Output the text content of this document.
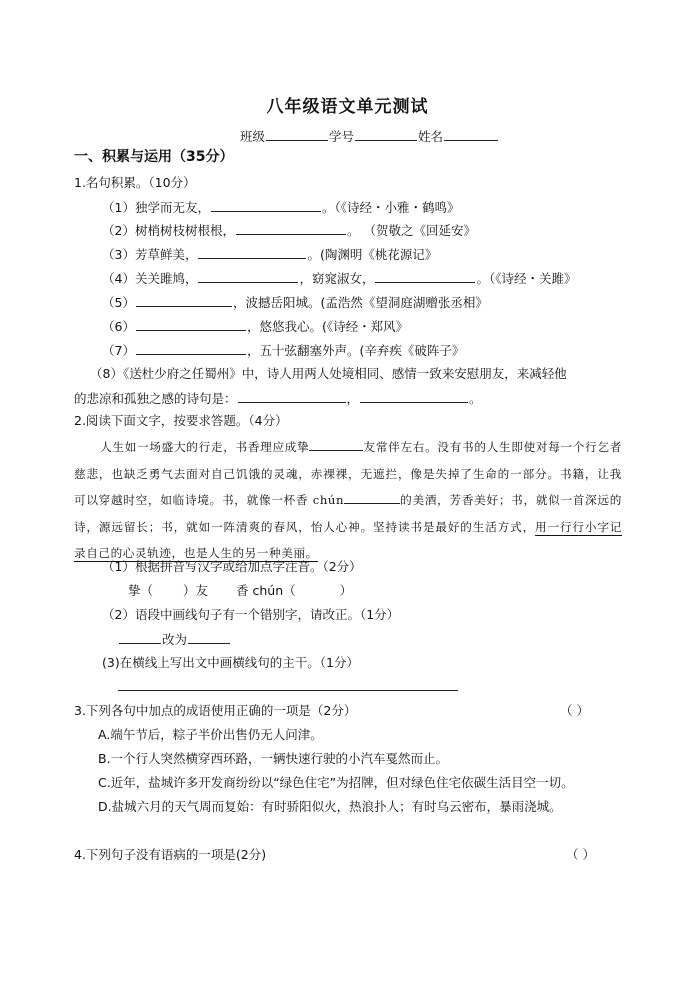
八年级语文单元测试
班级	学号	姓名
一、积累与运用（35分）
1.名句积累。（10分）
（1）独学而无友，	。（《诗经・小雅・鹤鸣》
（2）树梢树枝树根根，	。 （贺敬之《回延安》
（3）芳草鲜美，	。(陶渊明《桃花源记》
（4）关关雎鸠，	，窈窕淑女，	。（《诗经・关雎》
（5）	，波撼岳阳城。(孟浩然《望洞庭湖赠张丞相》
（6）	，悠悠我心。(《诗经・郑风》
（7）	，五十弦翻塞外声。(辛弃疾《破阵子》
（8）《送杜少府之任蜀州》中，诗人用两人处境相同、感情一致来安慰朋友，来减轻他
的悲凉和孤独之感的诗句是：	，	。
2.阅读下面文字，按要求答题。（4分）
人生如一场盛大的行走，书香理应成挚	友常伴左右。没有书的人生即使对每一个行乞者慈悲，也缺乏勇气去面对自己饥饿的灵魂，赤裸裸，无遮拦，像是失掉了生命的一部分。书籍，让我可以穿越时空，如临诗境。书，就像一杯香 chún	的美酒，芳香美好；书，就似一首深远的诗，源远留长；书，就如一阵清爽的春风，怡人心神。坚持读书是最好的生活方式，用一行行小字记录自己的心灵轨迹，也是人生的另一种美丽。
（1）根据拼音写汉字或给加点字注音。（2分）
挚（ ）友 香 chún（	）
（2）语段中画线句子有一个错别字，请改正。（1分）
改为
(3)在横线上写出文中画横线句的主干。（1分）
3.下列各句中加点的成语使用正确的一项是（2分）	（ ）
A.端午节后，粽子半价出售仍无人问津。
B.一个行人突然横穿西环路，一辆快速行驶的小汽车戛然而止。
C.近年，盐城许多开发商纷纷以“绿色住宅”为招牌，但对绿色住宅依碳生活目空一切。
D.盐城六月的天气周而复始：有时骄阳似火，热浪扑人；有时乌云密布，暴雨浇城。
4.下列句子没有语病的一项是(2分)	（ ）
